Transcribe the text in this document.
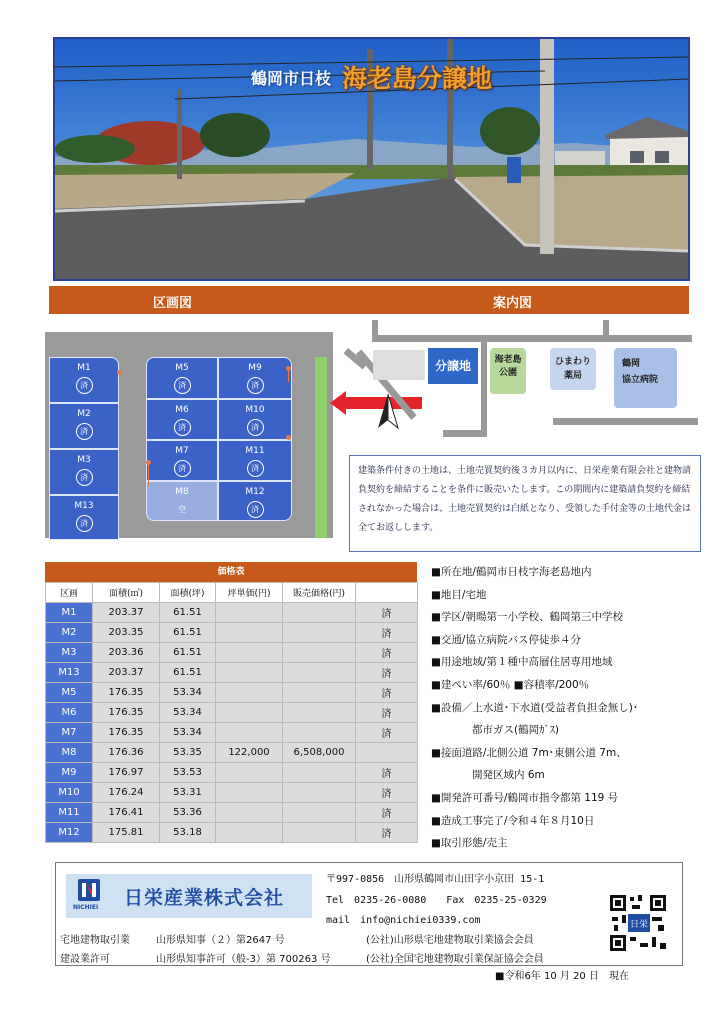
鶴岡市日枝 海老島分譲地
区画図	案内図
M1
済
M2
済
M3
済
M13
済
M5
済
M6
済
M7
済
M8
空
M9
済
M10
済
M11
済
M12
済
分譲地	海老島
公園
ひまわり
薬局
鶴岡
協立病院
建築条件付きの土地は、土地売買契約後３カ月以内に、日栄産業有限会社と建物請負契約を締結することを条件に販売いたします。この期間内に建築請負契約を締結されなかった場合は、土地売買契約は白紙となり、受領した手付金等の土地代金は全てお返しします。
価格表
区画	面積(㎡)	面積(坪)	坪単価(円)	販売価格(円)	
M1	203.37	61.51			済
M2	203.35	61.51			済
M3	203.36	61.51			済
M13	203.37	61.51			済
M5	176.35	53.34			済
M6	176.35	53.34			済
M7	176.35	53.34			済
M8	176.36	53.35	122,000	6,508,000	
M9	176.97	53.53			済
M10	176.24	53.31			済
M11	176.41	53.36			済
M12	175.81	53.18			済
■所在地/鶴岡市日枝字海老島地内
■地目/宅地
■学区/朝暘第一小学校、鶴岡第三中学校
■交通/協立病院バス停徒歩４分
■用途地域/第１種中高層住居専用地域
■建ぺい率/60％ ■容積率/200％
■設備／上水道･下水道(受益者負担金無し)･
都市ガス(鶴岡ｶﾞｽ)
■接面道路/北側公道 7m･東側公道 7m、
開発区域内 6m
■開発許可番号/鶴岡市指令都第 119 号
■造成工事完了/令和４年８月10日
■取引形態/売主
NICHIEI 日栄産業株式会社
〒997-0856　山形県鶴岡市山田字小京田 15-1
Tel　0235-26-0080　　Fax　0235-25-0329
mail　info@nichiei0339.com
宅地建物取引業	山形県知事（２）第2647 号
建設業許可	山形県知事許可（般-3）第 700263 号
(公社)山形県宅地建物取引業協会会員
(公社)全国宅地建物取引業保証協会会員
日栄
■令和6年 10 月 20 日　現在
